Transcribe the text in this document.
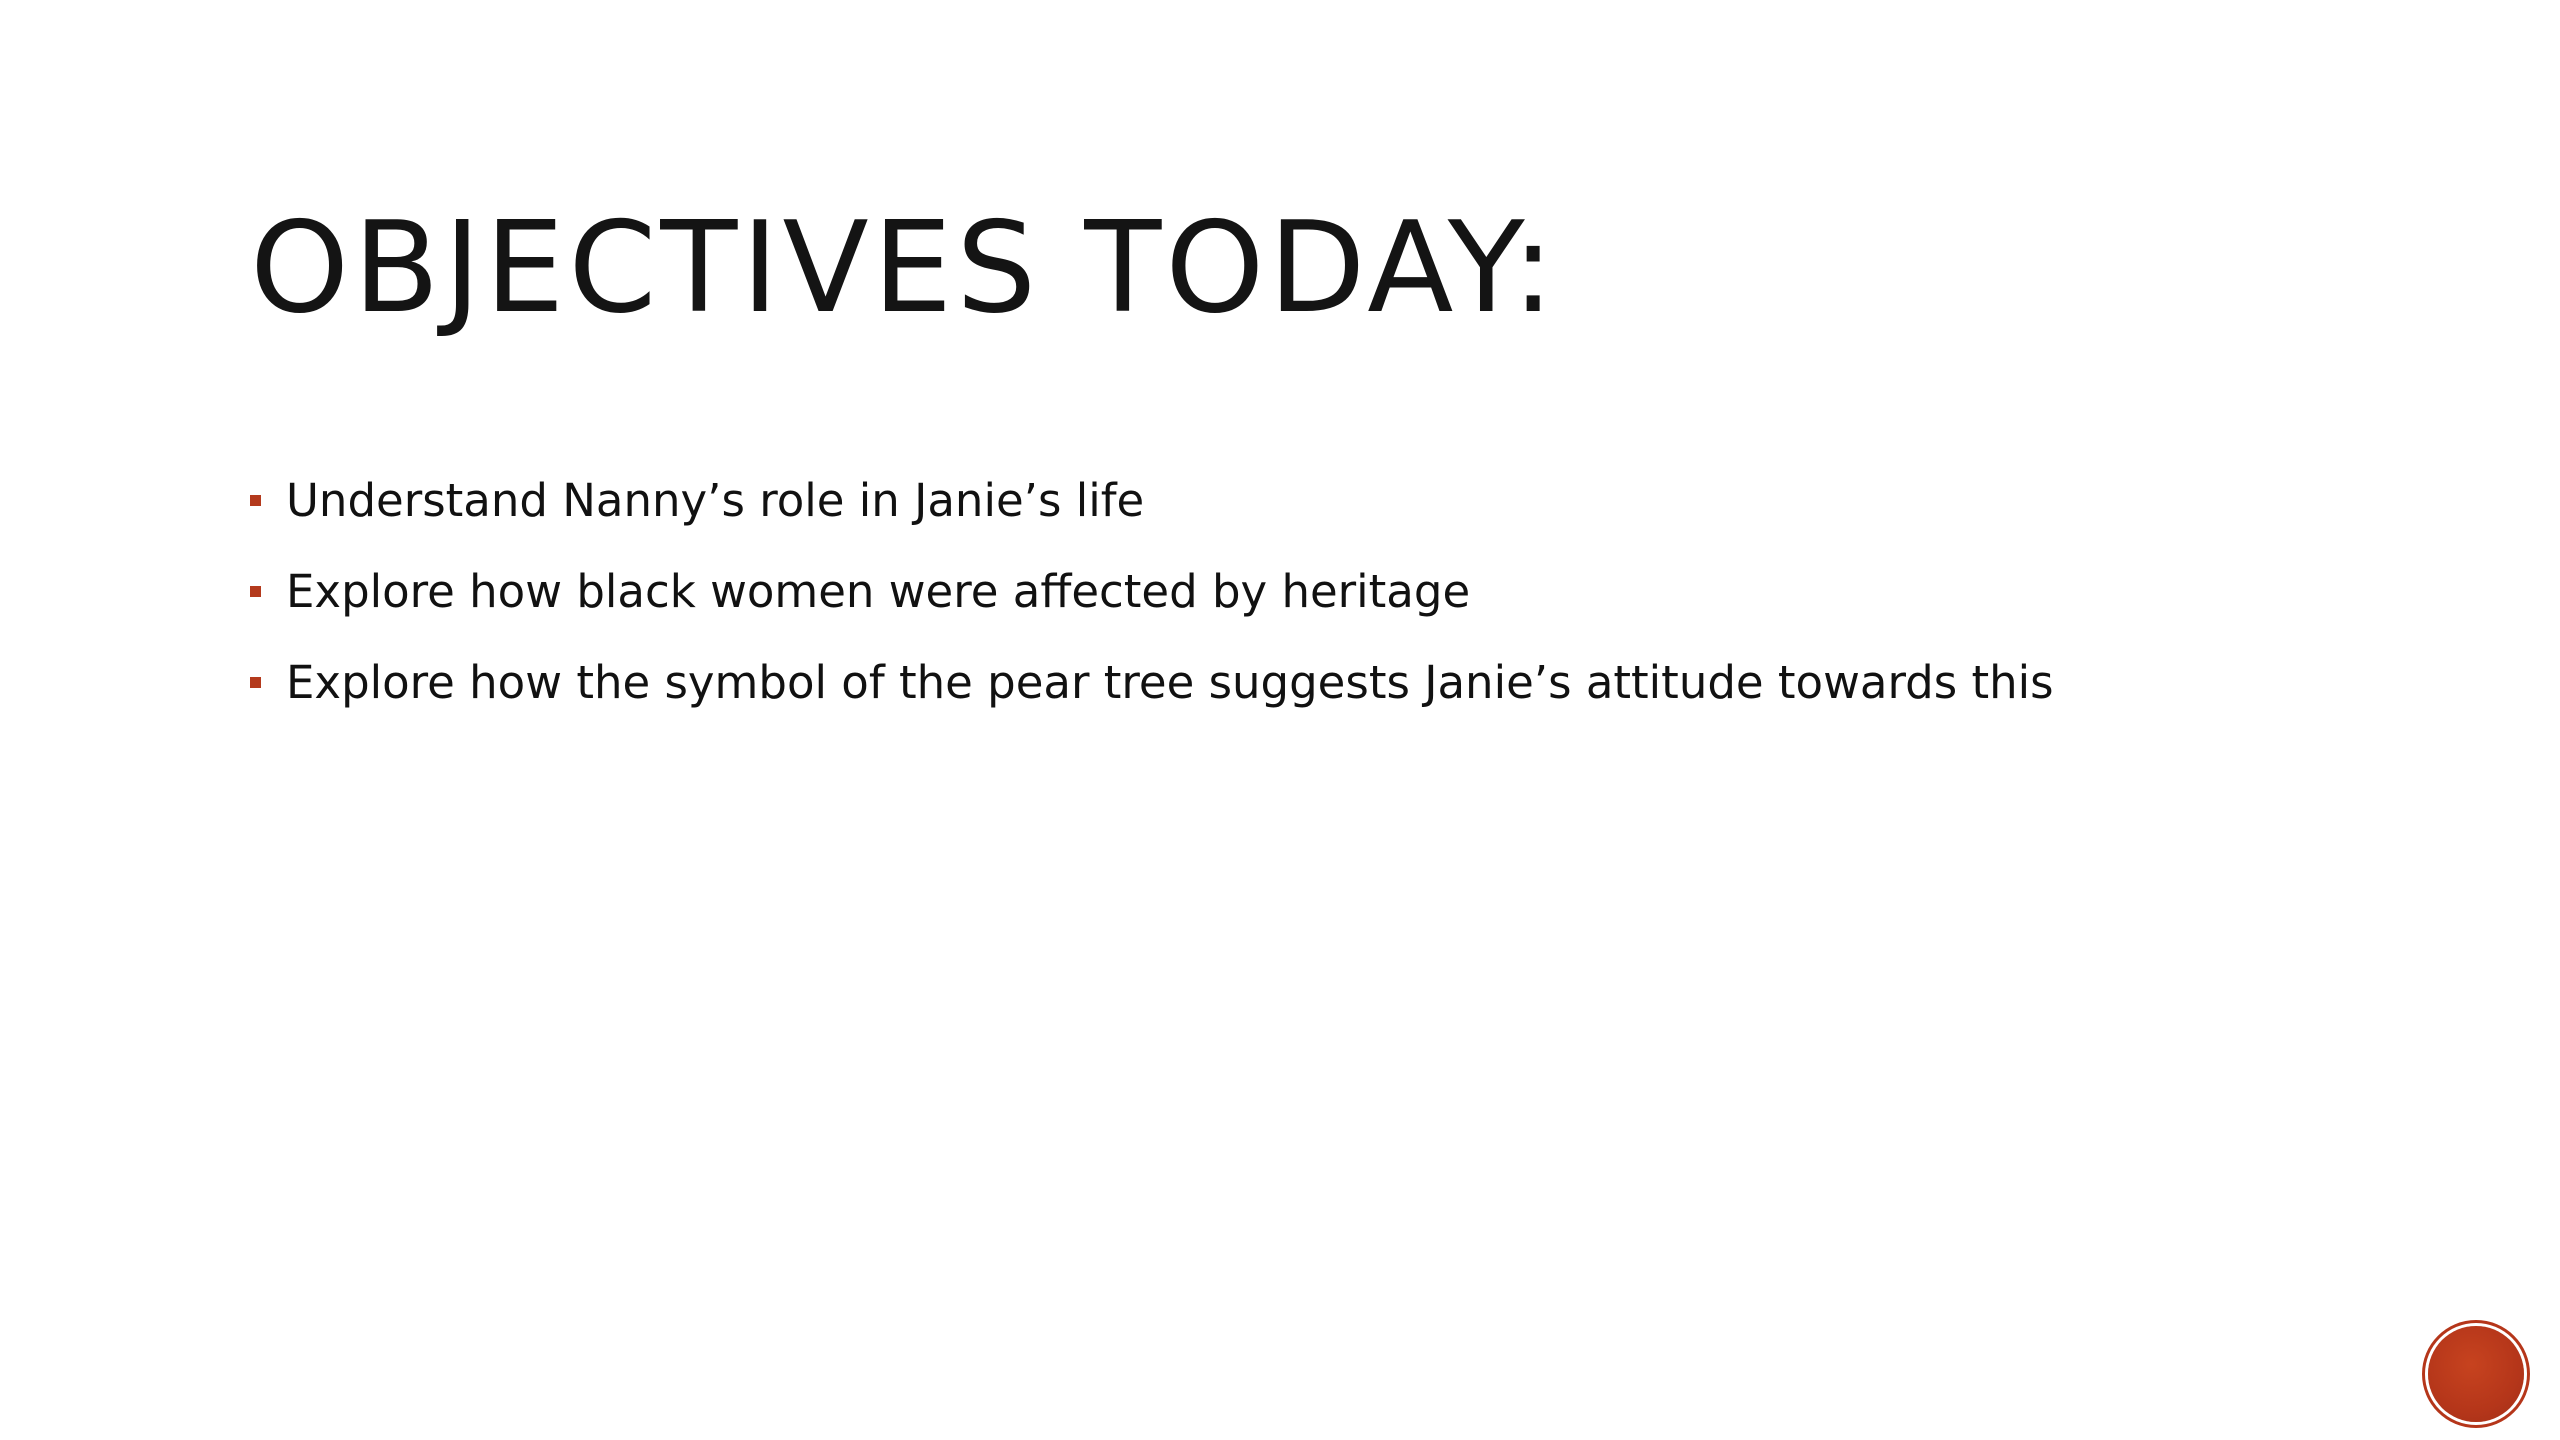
OBJECTIVES TODAY:
Understand Nanny’s role in Janie’s life
Explore how black women were affected by heritage
Explore how the symbol of the pear tree suggests Janie’s attitude towards this
